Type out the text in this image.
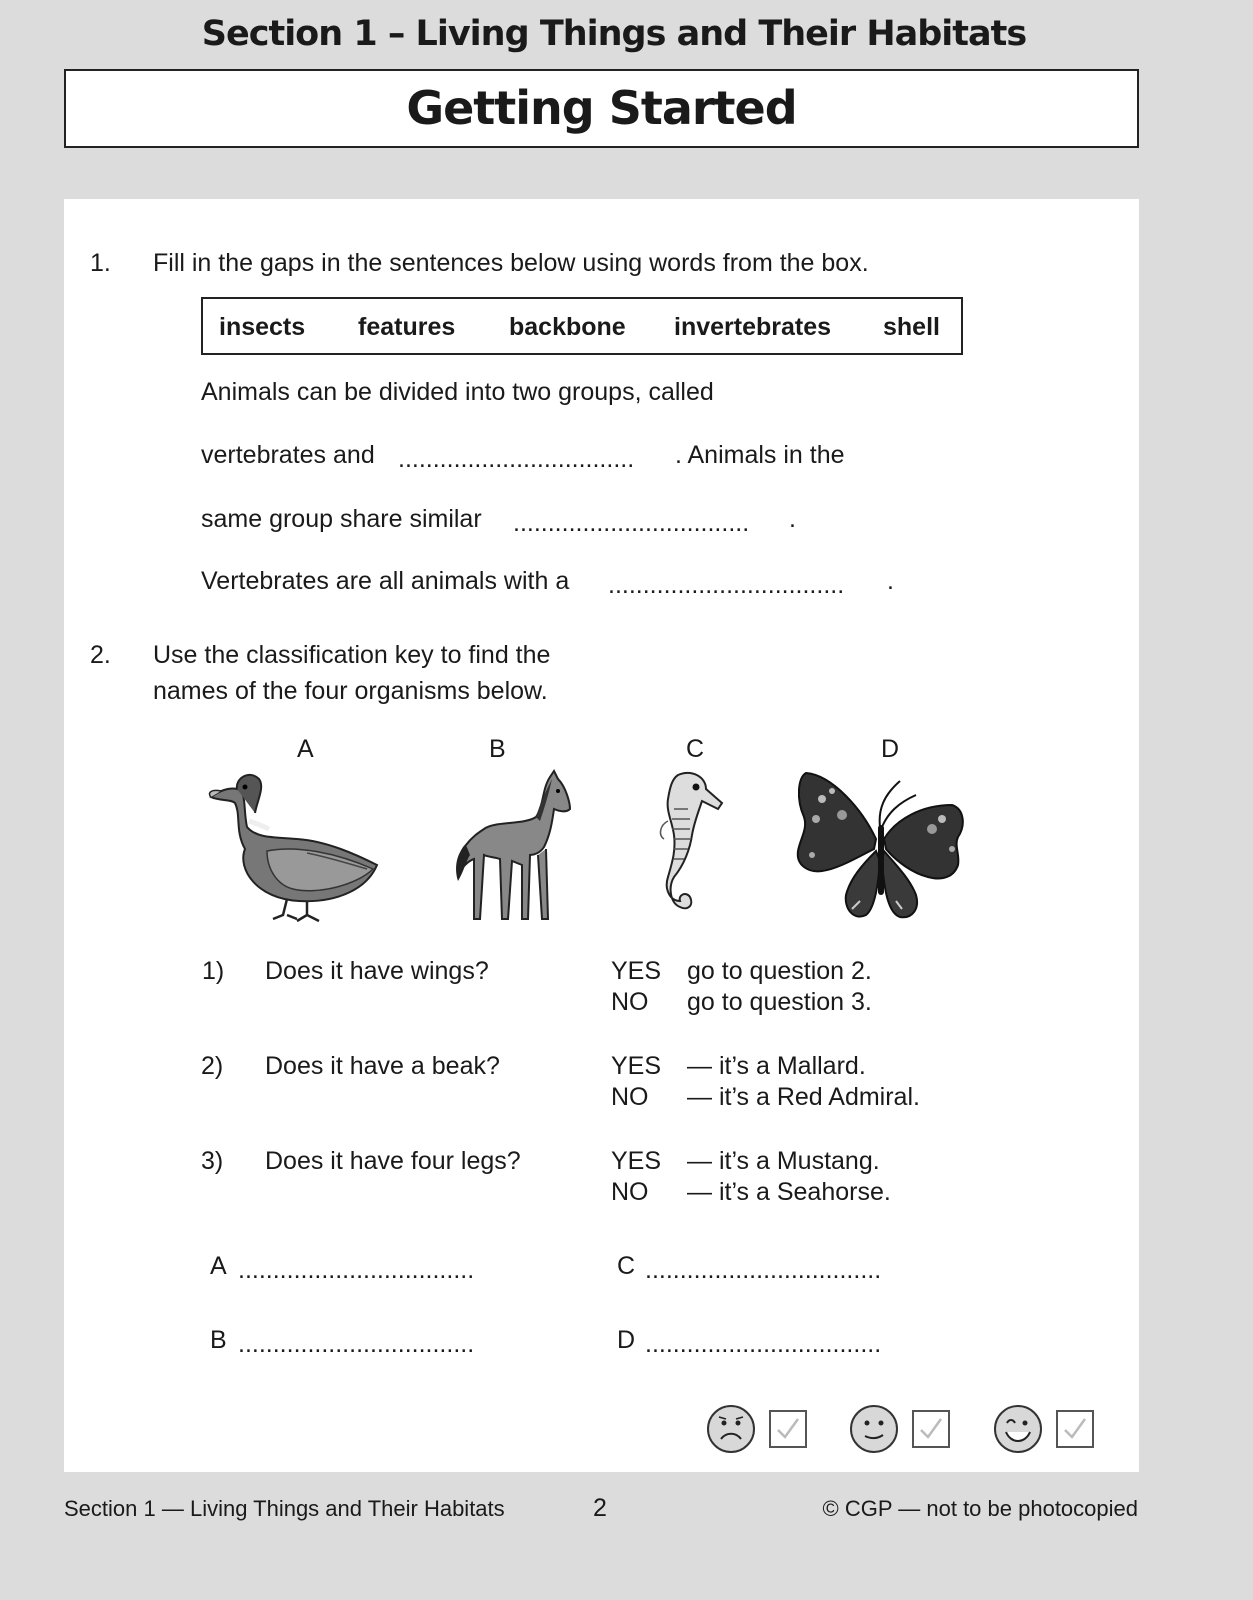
Section 1 – Living Things and Their Habitats
Getting Started
1. Fill in the gaps in the sentences below using words from the box.
insects features backbone invertebrates shell
Animals can be divided into two groups, called
vertebrates and .................................. . Animals in the
same group share similar .................................. .
Vertebrates are all animals with a .................................. .
2. Use the classification key to find the
names of the four organisms below.
A	B	C	D
1) Does it have wings?	YES go to question 2.
NO go to question 3.
2) Does it have a beak?	YES — it’s a Mallard.
NO — it’s a Red Admiral.
3) Does it have four legs?	YES — it’s a Mustang.
NO — it’s a Seahorse.
A ..................................	C ..................................
B ..................................	D ..................................
Section 1 — Living Things and Their Habitats	2	© CGP — not to be photocopied
